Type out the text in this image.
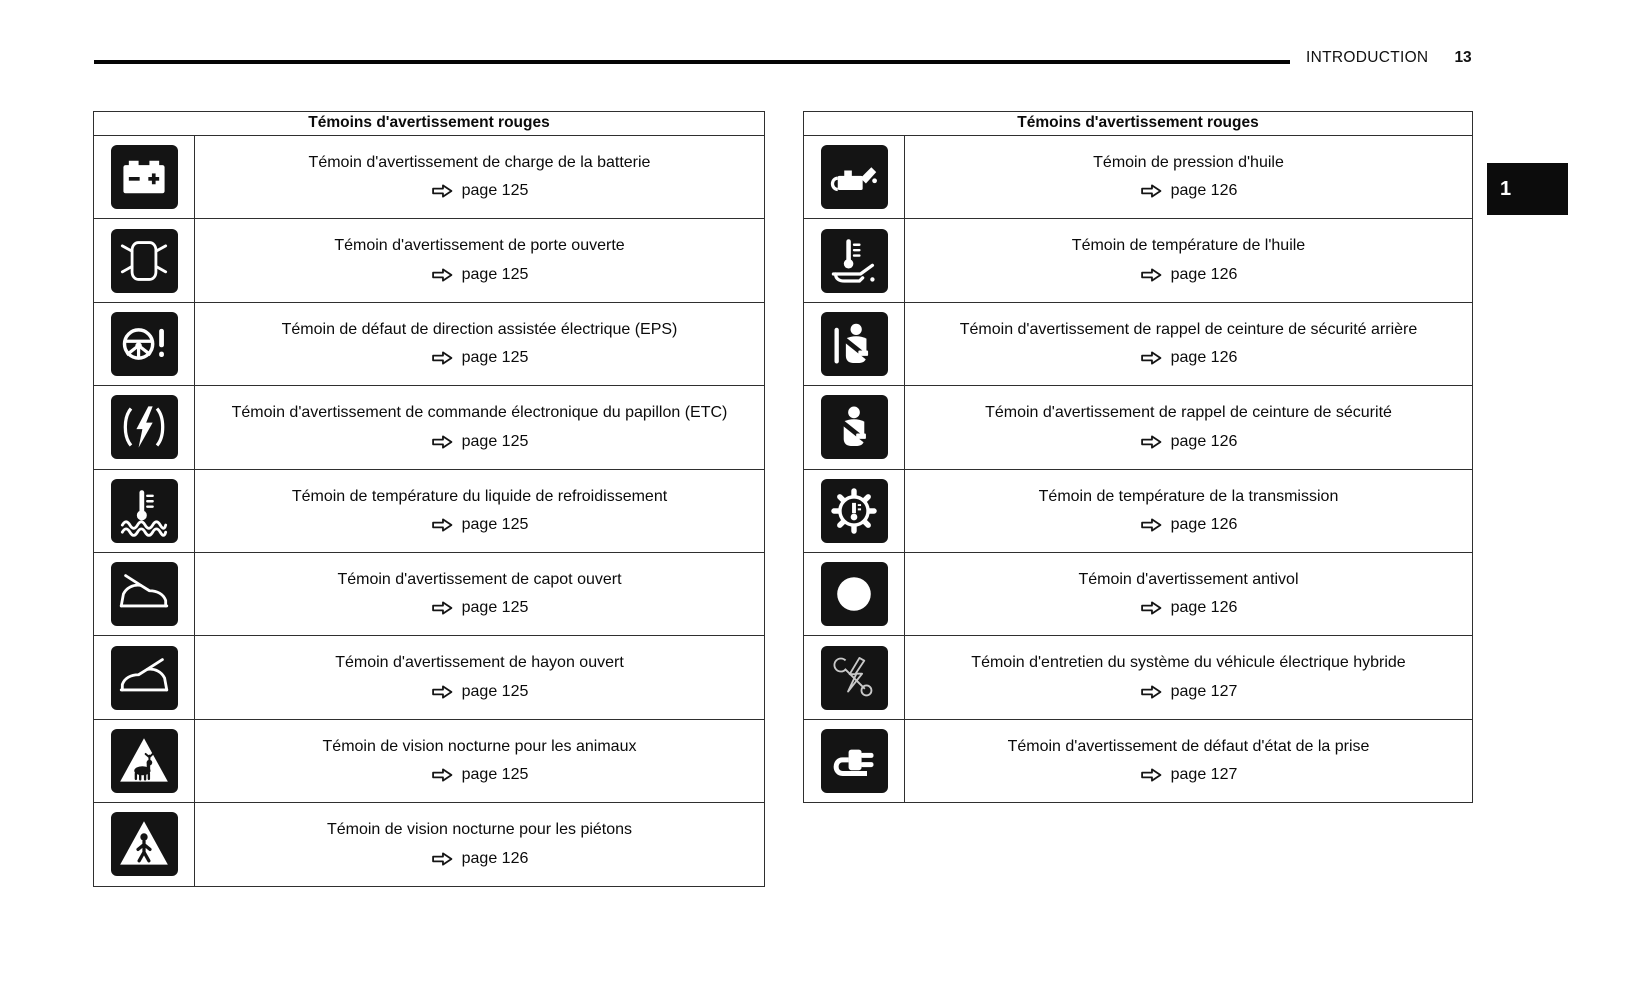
INTRODUCTION 13
1
Témoins d'avertissement rouges
Témoin d'avertissement de charge de la batterie
page 125
Témoin d'avertissement de porte ouverte
page 125
Témoin de défaut de direction assistée électrique (EPS)
page 125
Témoin d'avertissement de commande électronique du papillon (ETC)
page 125
Témoin de température du liquide de refroidissement
page 125
Témoin d'avertissement de capot ouvert
page 125
Témoin d'avertissement de hayon ouvert
page 125
Témoin de vision nocturne pour les animaux
page 125
Témoin de vision nocturne pour les piétons
page 126
Témoins d'avertissement rouges
Témoin de pression d'huile
page 126
Témoin de température de l'huile
page 126
Témoin d'avertissement de rappel de ceinture de sécurité arrière
page 126
Témoin d'avertissement de rappel de ceinture de sécurité
page 126
Témoin de température de la transmission
page 126
Témoin d'avertissement antivol
page 126
Témoin d'entretien du système du véhicule électrique hybride
page 127
Témoin d'avertissement de défaut d'état de la prise
page 127
